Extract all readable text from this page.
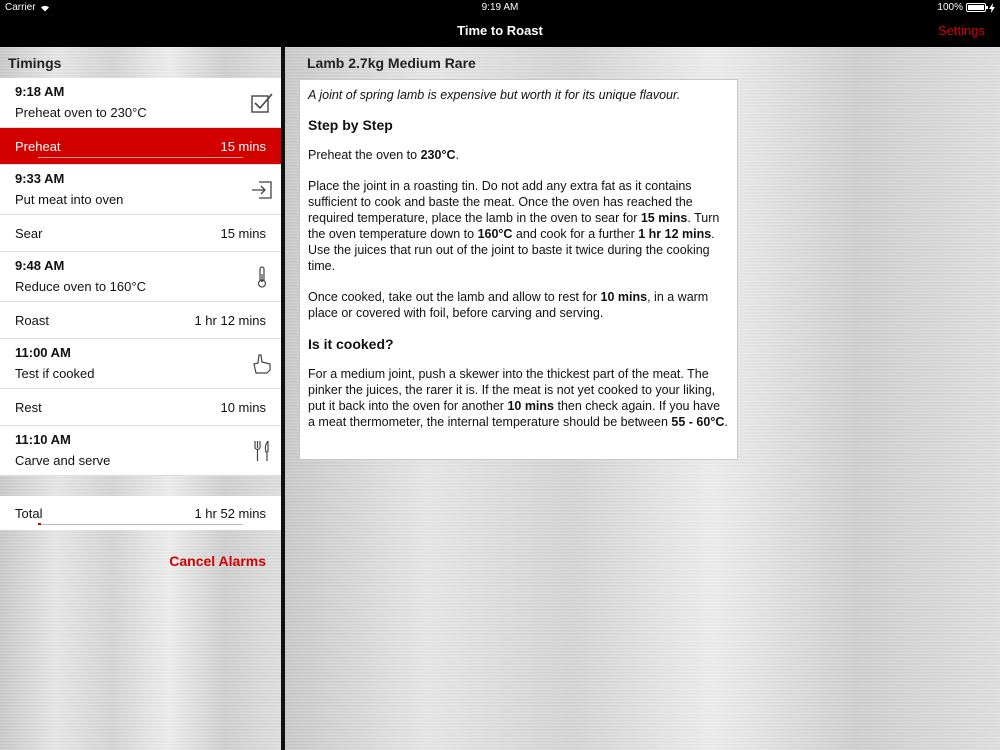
Carrier	9:19 AM	100%
Time to Roast	Settings
Timings
9:18 AM
Preheat oven to 230°C
Preheat	15 mins
9:33 AM
Put meat into oven
Sear	15 mins
9:48 AM
Reduce oven to 160°C
Roast	1 hr 12 mins
11:00 AM
Test if cooked
Rest	10 mins
11:10 AM
Carve and serve
Total	1 hr 52 mins
Cancel Alarms
Lamb 2.7kg Medium Rare
A joint of spring lamb is expensive but worth it for its unique flavour.
Step by Step

Preheat the oven to 230°C.

Place the joint in a roasting tin. Do not add any extra fat as it contains sufficient to cook and baste the meat. Once the oven has reached the required temperature, place the lamb in the oven to sear for 15 mins. Turn the oven temperature down to 160°C and cook for a further 1 hr 12 mins. Use the juices that run out of the joint to baste it twice during the cooking time.

Once cooked, take out the lamb and allow to rest for 10 mins, in a warm place or covered with foil, before carving and serving.

Is it cooked?

For a medium joint, push a skewer into the thickest part of the meat. The pinker the juices, the rarer it is. If the meat is not yet cooked to your liking, put it back into the oven for another 10 mins then check again. If you have a meat thermometer, the internal temperature should be between 55 - 60°C.
